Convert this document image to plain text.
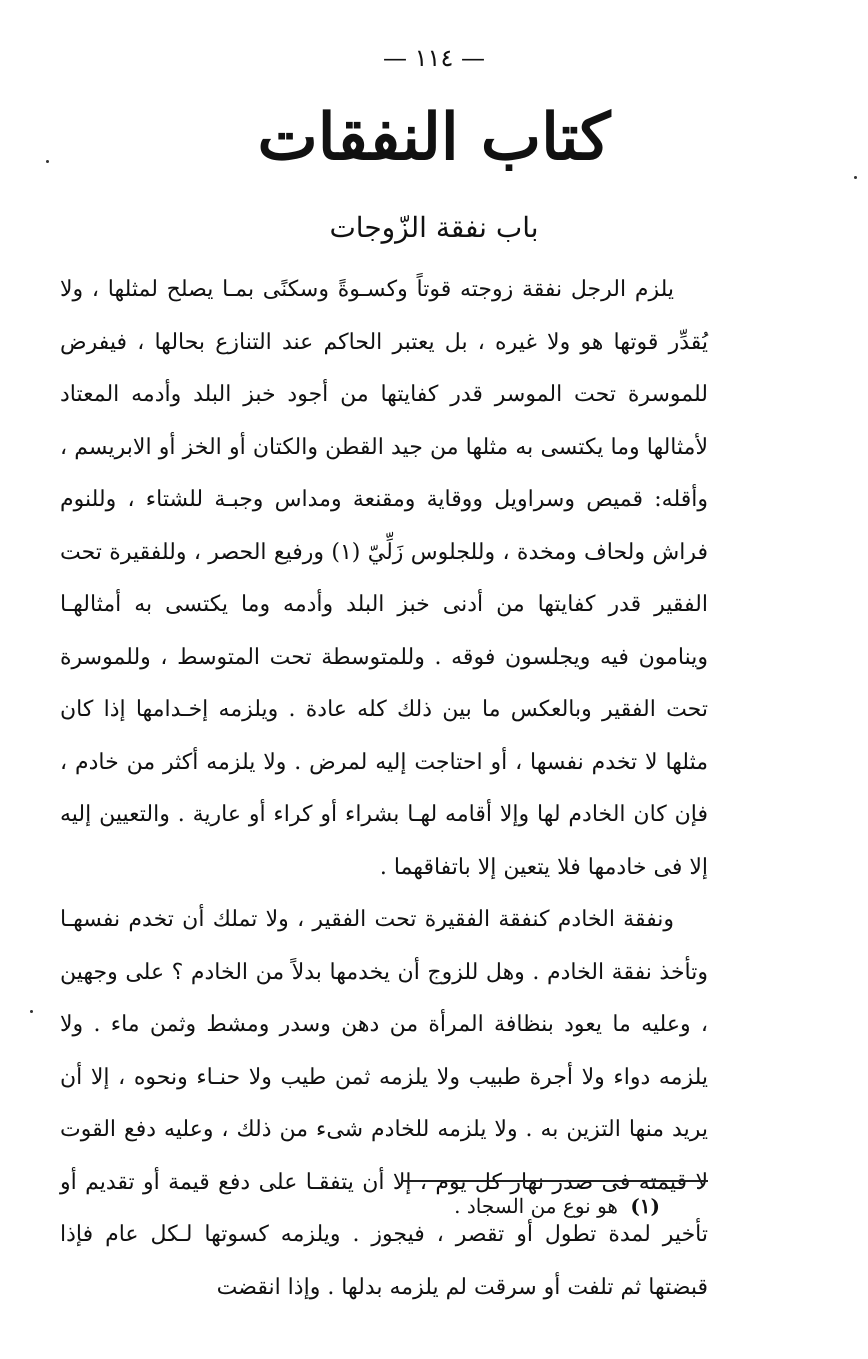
— ١١٤ —
كتاب النفقات
باب نفقة الزّوجات

يلزم الرجل نفقة زوجته قوتاً وكسـوةً وسكنًى بمـا يصلح لمثلها ، ولا يُقدِّر قوتها هو ولا غيره ، بل يعتبر الحاكم عند التنازع بحالها ، فيفرض للموسرة تحت الموسر قدر كفايتها من أجود خبز البلد وأدمه المعتاد لأمثالها وما يكتسى به مثلها من جيد القطن والكتان أو الخز أو الابريسم ، وأقله: قميص وسراويل ووقاية ومقنعة ومداس وجبـة للشتاء ، وللنوم فراش ولحاف ومخدة ، وللجلوس زَلِّيّ (١) ورفيع الحصر ، وللفقيرة تحت الفقير قدر كفايتها من أدنى خبز البلد وأدمه وما يكتسى به أمثالهـا وينامون فيه ويجلسون فوقه . وللمتوسطة تحت المتوسط ، وللموسرة تحت الفقير وبالعكس ما بين ذلك كله عادة . ويلزمه إخـدامها إذا كان مثلها لا تخدم نفسها ، أو احتاجت إليه لمرض . ولا يلزمه أكثر من خادم ، فإن كان الخادم لها وإلا أقامه لهـا بشراء أو كراء أو عارية . والتعيين إليه إلا فى خادمها فلا يتعين إلا باتفاقهما .

ونفقة الخادم كنفقة الفقيرة تحت الفقير ، ولا تملك أن تخدم نفسهـا وتأخذ نفقة الخادم . وهل للزوج أن يخدمها بدلاً من الخادم ؟ على وجهين ، وعليه ما يعود بنظافة المرأة من دهن وسدر ومشط وثمن ماء . ولا يلزمه دواء ولا أجرة طبيب ولا يلزمه ثمن طيب ولا حنـاء ونحوه ، إلا أن يريد منها التزين به . ولا يلزمه للخادم شىء من ذلك ، وعليه دفع القوت لا قيمته فى صدر نهار كل يوم ، إلا أن يتفقـا على دفع قيمة أو تقديم أو تأخير لمدة تطول أو تقصر ، فيجوز . ويلزمه كسوتها لـكل عام فإذا قبضتها ثم تلفت أو سرقت لم يلزمه بدلها . وإذا انقضت

(١) هو نوع من السجاد .
